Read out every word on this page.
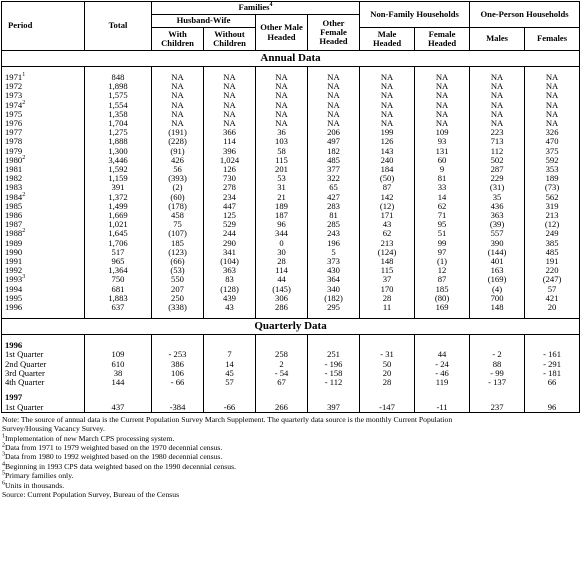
Period	Total	Families$^4$				Non-Family Households		One-Person Households	
		Husband-Wife		Other Male Headed	Other Female Headed				
		With Children	Without Children			Male Headed	Female Headed	Males	Females
Annual Data									

1971$^1$	848	NA	NA	NA	NA	NA	NA	NA	NA
1972	1,898	NA	NA	NA	NA	NA	NA	NA	NA
1973	1,575	NA	NA	NA	NA	NA	NA	NA	NA
1974$^2$	1,554	NA	NA	NA	NA	NA	NA	NA	NA
1975	1,358	NA	NA	NA	NA	NA	NA	NA	NA
1976	1,704	NA	NA	NA	NA	NA	NA	NA	NA
1977	1,275	(191)	366	36	206	199	109	223	326
1978	1,888	(228)	114	103	497	126	93	713	470
1979	1,300	(91)	396	58	182	143	131	112	375
1980$^2$	3,446	426	1,024	115	485	240	60	502	592
1981	1,592	56	126	201	377	184	9	287	353
1982	1,159	(393)	730	53	322	(50)	81	229	189
1983	391	(2)	278	31	65	87	33	(31)	(73)
1984$^2$	1,372	(60)	234	21	427	142	14	35	562
1985	1,499	(178)	447	189	283	(12)	62	436	319
1986	1,669	458	125	187	81	171	71	363	213
1987	1,021	75	529	96	285	43	95	(39)	(12)
1988$^2$	1,645	(107)	244	344	243	62	51	557	249
1989	1,706	185	290	0	196	213	99	390	385
1990	517	(123)	341	30	5	(124)	97	(144)	485
1991	965	(66)	(104)	28	373	148	(1)	401	191
1992	1,364	(53)	363	114	430	115	12	163	220
1993$^3$	750	550	83	44	364	37	87	(169)	(247)
1994	681	207	(128)	(145)	340	170	185	(4)	57
1995	1,883	250	439	306	(182)	28	(80)	700	421
1996	637	(338)	43	286	295	11	169	148	20

Quarterly Data									

1996									
1st Quarter	109	- 253	7	258	251	- 31	44	- 2	- 161
2nd Quarter	610	386	14	2	- 196	50	- 24	88	- 291
3rd Quarter	38	106	45	- 54	- 158	20	- 46	- 99	- 181
4th Quarter	144	- 66	57	67	- 112	28	119	- 137	66

1997									
1st Quarter	437	-384	-66	266	397	-147	-11	237	96
Note: The source of annual data is the Current Population Survey March Supplement. The quarterly data source is the monthly Current Population
Survey/Housing Vacancy Survey.
$^1$Implementation of new March CPS processing system.
$^2$Data from 1971 to 1979 weighted based on the 1970 decennial census.
$^3$Data from 1980 to 1992 weighted based on the 1980 decennial census.
$^4$Beginning in 1993 CPS data weighted based on the 1990 decennial census.
$^5$Primary families only.
$^6$Units in thousands.
Source: Current Population Survey, Bureau of the Census
